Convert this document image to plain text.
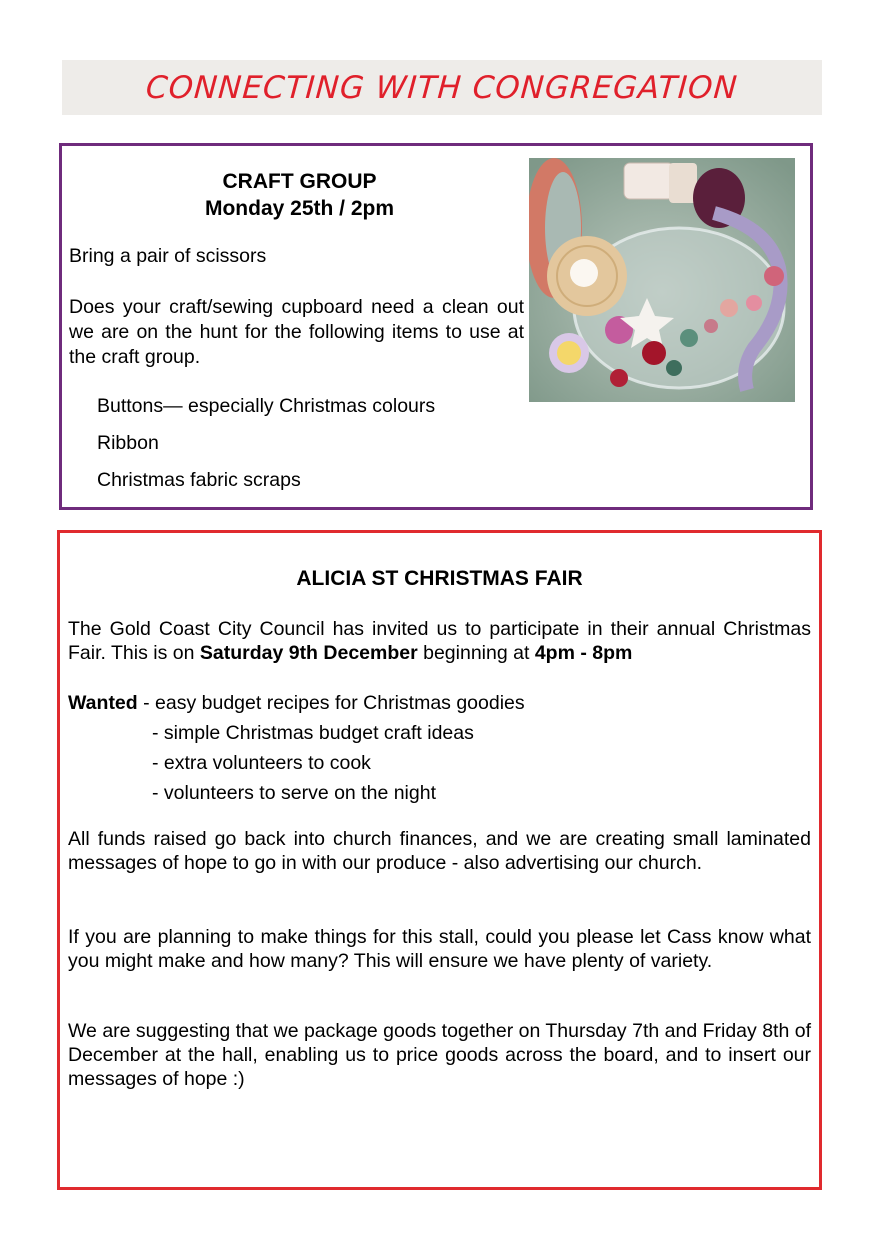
CONNECTING WITH CONGREGATION
CRAFT GROUP
Monday 25th / 2pm
Bring a pair of scissors
Does your craft/sewing cupboard need a clean out we are on the hunt for the following items to use at the craft group.
Buttons— especially Christmas colours
Ribbon
Christmas fabric scraps
ALICIA ST CHRISTMAS FAIR
The Gold Coast City Council has invited us to participate in their annual Christmas Fair. This is on Saturday 9th December beginning at 4pm - 8pm
Wanted - easy budget recipes for Christmas goodies
- simple Christmas budget craft ideas
- extra volunteers to cook
- volunteers to serve on the night
All funds raised go back into church finances, and we are creating small laminated messages of hope to go in with our produce - also advertising our church.
If you are planning to make things for this stall, could you please let Cass know what you might make and how many? This will ensure we have plenty of variety.
We are suggesting that we package goods together on Thursday 7th and Friday 8th of December at the hall, enabling us to price goods across the board, and to insert our messages of hope :)
